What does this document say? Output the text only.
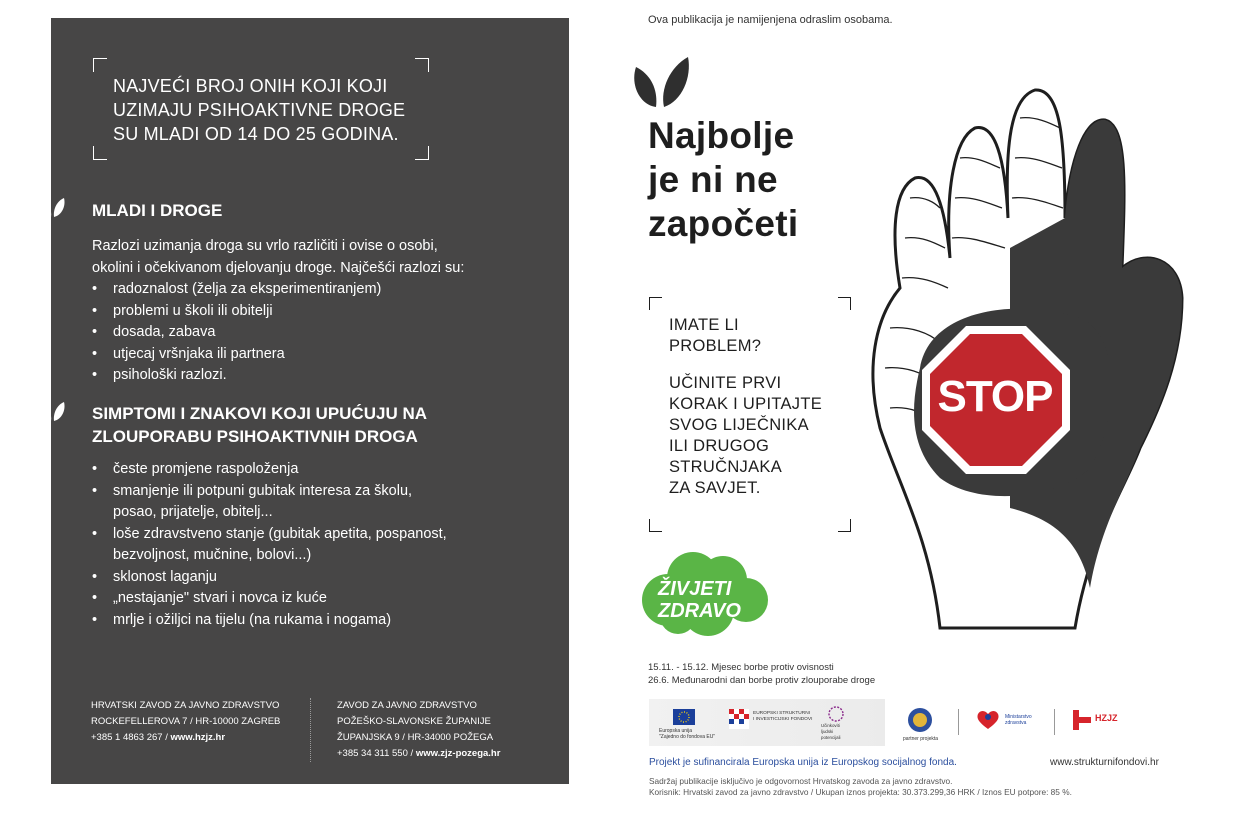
NAJVEĆI BROJ ONIH KOJI KOJI
UZIMAJU PSIHOAKTIVNE DROGE
SU MLADI OD 14 DO 25 GODINA.
MLADI I DROGE
Razlozi uzimanja droga su vrlo različiti i ovise o osobi,
okolini i očekivanom djelovanju droge. Najčešći razlozi su:
• radoznalost (želja za eksperimentiranjem)
• problemi u školi ili obitelji
• dosada, zabava
• utjecaj vršnjaka ili partnera
• psihološki razlozi.
SIMPTOMI I ZNAKOVI KOJI UPUĆUJU NA
ZLOUPORABU PSIHOAKTIVNIH DROGA
• česte promjene raspoloženja
• smanjenje ili potpuni gubitak interesa za školu,
posao, prijatelje, obitelj...
• loše zdravstveno stanje (gubitak apetita, pospanost,
bezvoljnost, mučnine, bolovi...)
• sklonost laganju
• „nestajanje" stvari i novca iz kuće
• mrlje i ožiljci na tijelu (na rukama i nogama)
HRVATSKI ZAVOD ZA JAVNO ZDRAVSTVO
ROCKEFELLEROVA 7 / HR-10000 ZAGREB
+385 1 4863 267 / www.hzjz.hr
ZAVOD ZA JAVNO ZDRAVSTVO
POŽEŠKO-SLAVONSKE ŽUPANIJE
ŽUPANJSKA 9 / HR-34000 POŽEGA
+385 34 311 550 / www.zjz-pozega.hr
Ova publikacija je namijenjena odraslim osobama.
STOP
Najbolje
je ni ne
započeti
IMATE LI
PROBLEM?
UČINITE PRVI
KORAK I UPITAJTE
SVOG LIJEČNIKA
ILI DRUGOG
STRUČNJAKA
ZA SAVJET.
ŽIVJETI
ZDRAVO
15.11. - 15.12. Mjesec borbe protiv ovisnosti
26.6. Međunarodni dan borbe protiv zlouporabe droge
Europska unija
"Zajedno do fondova EU"
EUROPSKI STRUKTURNI
I INVESTICIJSKI FONDOVI
Učinkoviti
ljudski
potencijali	partner projekta
Ministarstvo
zdravstva	HZJZ
Projekt je sufinancirala Europska unija iz Europskog socijalnog fonda.	www.strukturnifondovi.hr
Sadržaj publikacije isključivo je odgovornost Hrvatskog zavoda za javno zdravstvo.
Korisnik: Hrvatski zavod za javno zdravstvo / Ukupan iznos projekta: 30.373.299,36 HRK / Iznos EU potpore: 85 %.
